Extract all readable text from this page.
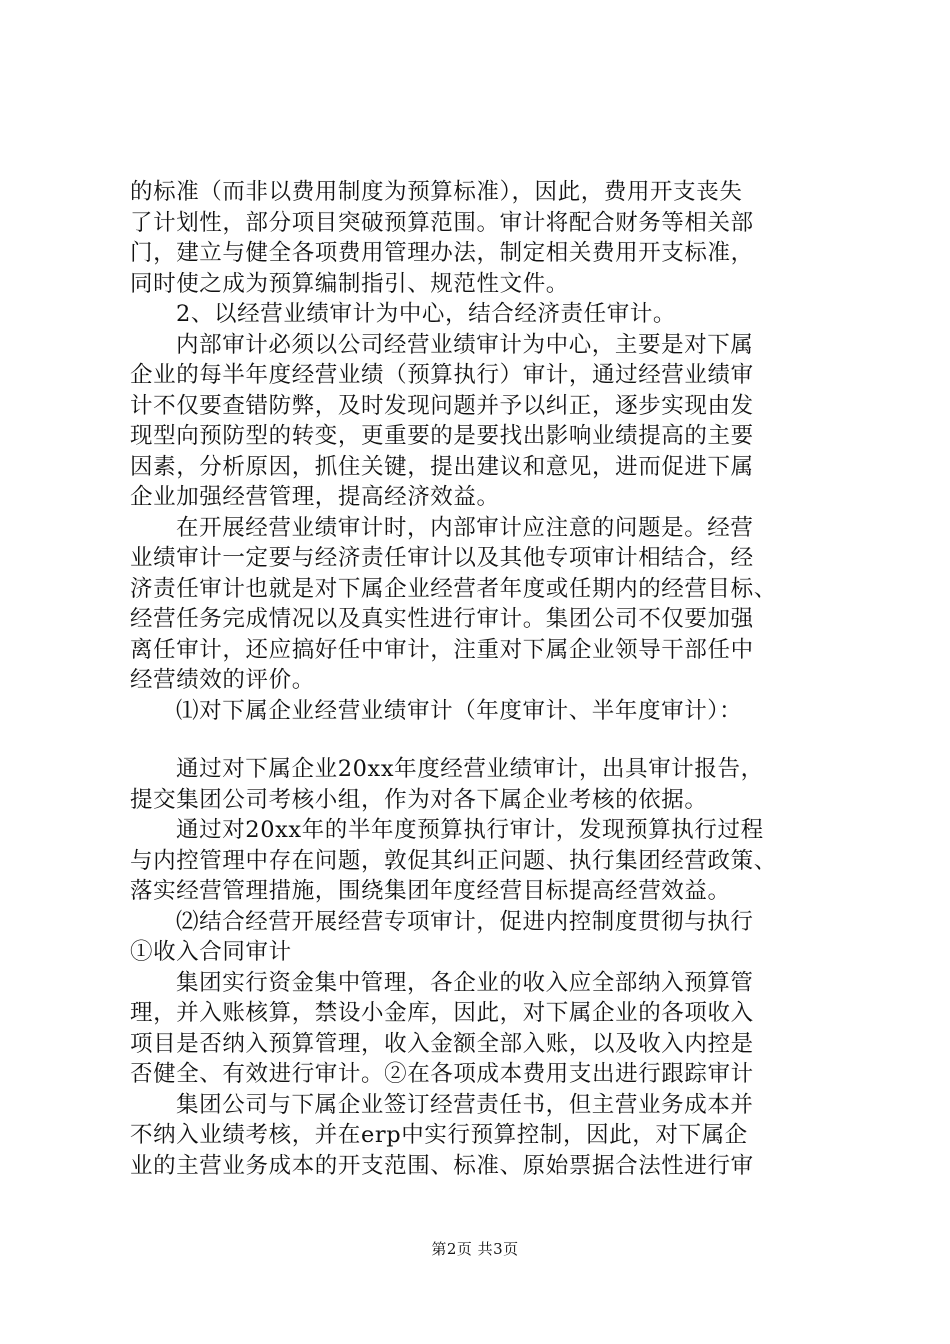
的标准（而非以费用制度为预算标准），因此，费用开支丧失
了计划性，部分项目突破预算范围。审计将配合财务等相关部
门，建立与健全各项费用管理办法，制定相关费用开支标准，
同时使之成为预算编制指引、规范性文件。
2、以经营业绩审计为中心，结合经济责任审计。
内部审计必须以公司经营业绩审计为中心，主要是对下属
企业的每半年度经营业绩（预算执行）审计，通过经营业绩审
计不仅要查错防弊，及时发现问题并予以纠正，逐步实现由发
现型向预防型的转变，更重要的是要找出影响业绩提高的主要
因素，分析原因，抓住关键，提出建议和意见，进而促进下属
企业加强经营管理，提高经济效益。
在开展经营业绩审计时，内部审计应注意的问题是。经营
业绩审计一定要与经济责任审计以及其他专项审计相结合，经
济责任审计也就是对下属企业经营者年度或任期内的经营目标、
经营任务完成情况以及真实性进行审计。集团公司不仅要加强
离任审计，还应搞好任中审计，注重对下属企业领导干部任中
经营绩效的评价。
⑴对下属企业经营业绩审计（年度审计、半年度审计）：
通过对下属企业20xx年度经营业绩审计，出具审计报告，
提交集团公司考核小组，作为对各下属企业考核的依据。
通过对20xx年的半年度预算执行审计，发现预算执行过程
与内控管理中存在问题，敦促其纠正问题、执行集团经营政策、
落实经营管理措施，围绕集团年度经营目标提高经营效益。
⑵结合经营开展经营专项审计，促进内控制度贯彻与执行
①收入合同审计
集团实行资金集中管理，各企业的收入应全部纳入预算管
理，并入账核算，禁设小金库，因此，对下属企业的各项收入
项目是否纳入预算管理，收入金额全部入账，以及收入内控是
否健全、有效进行审计。②在各项成本费用支出进行跟踪审计
集团公司与下属企业签订经营责任书，但主营业务成本并
不纳入业绩考核，并在erp中实行预算控制，因此，对下属企
业的主营业务成本的开支范围、标准、原始票据合法性进行审
第2页 共3页
